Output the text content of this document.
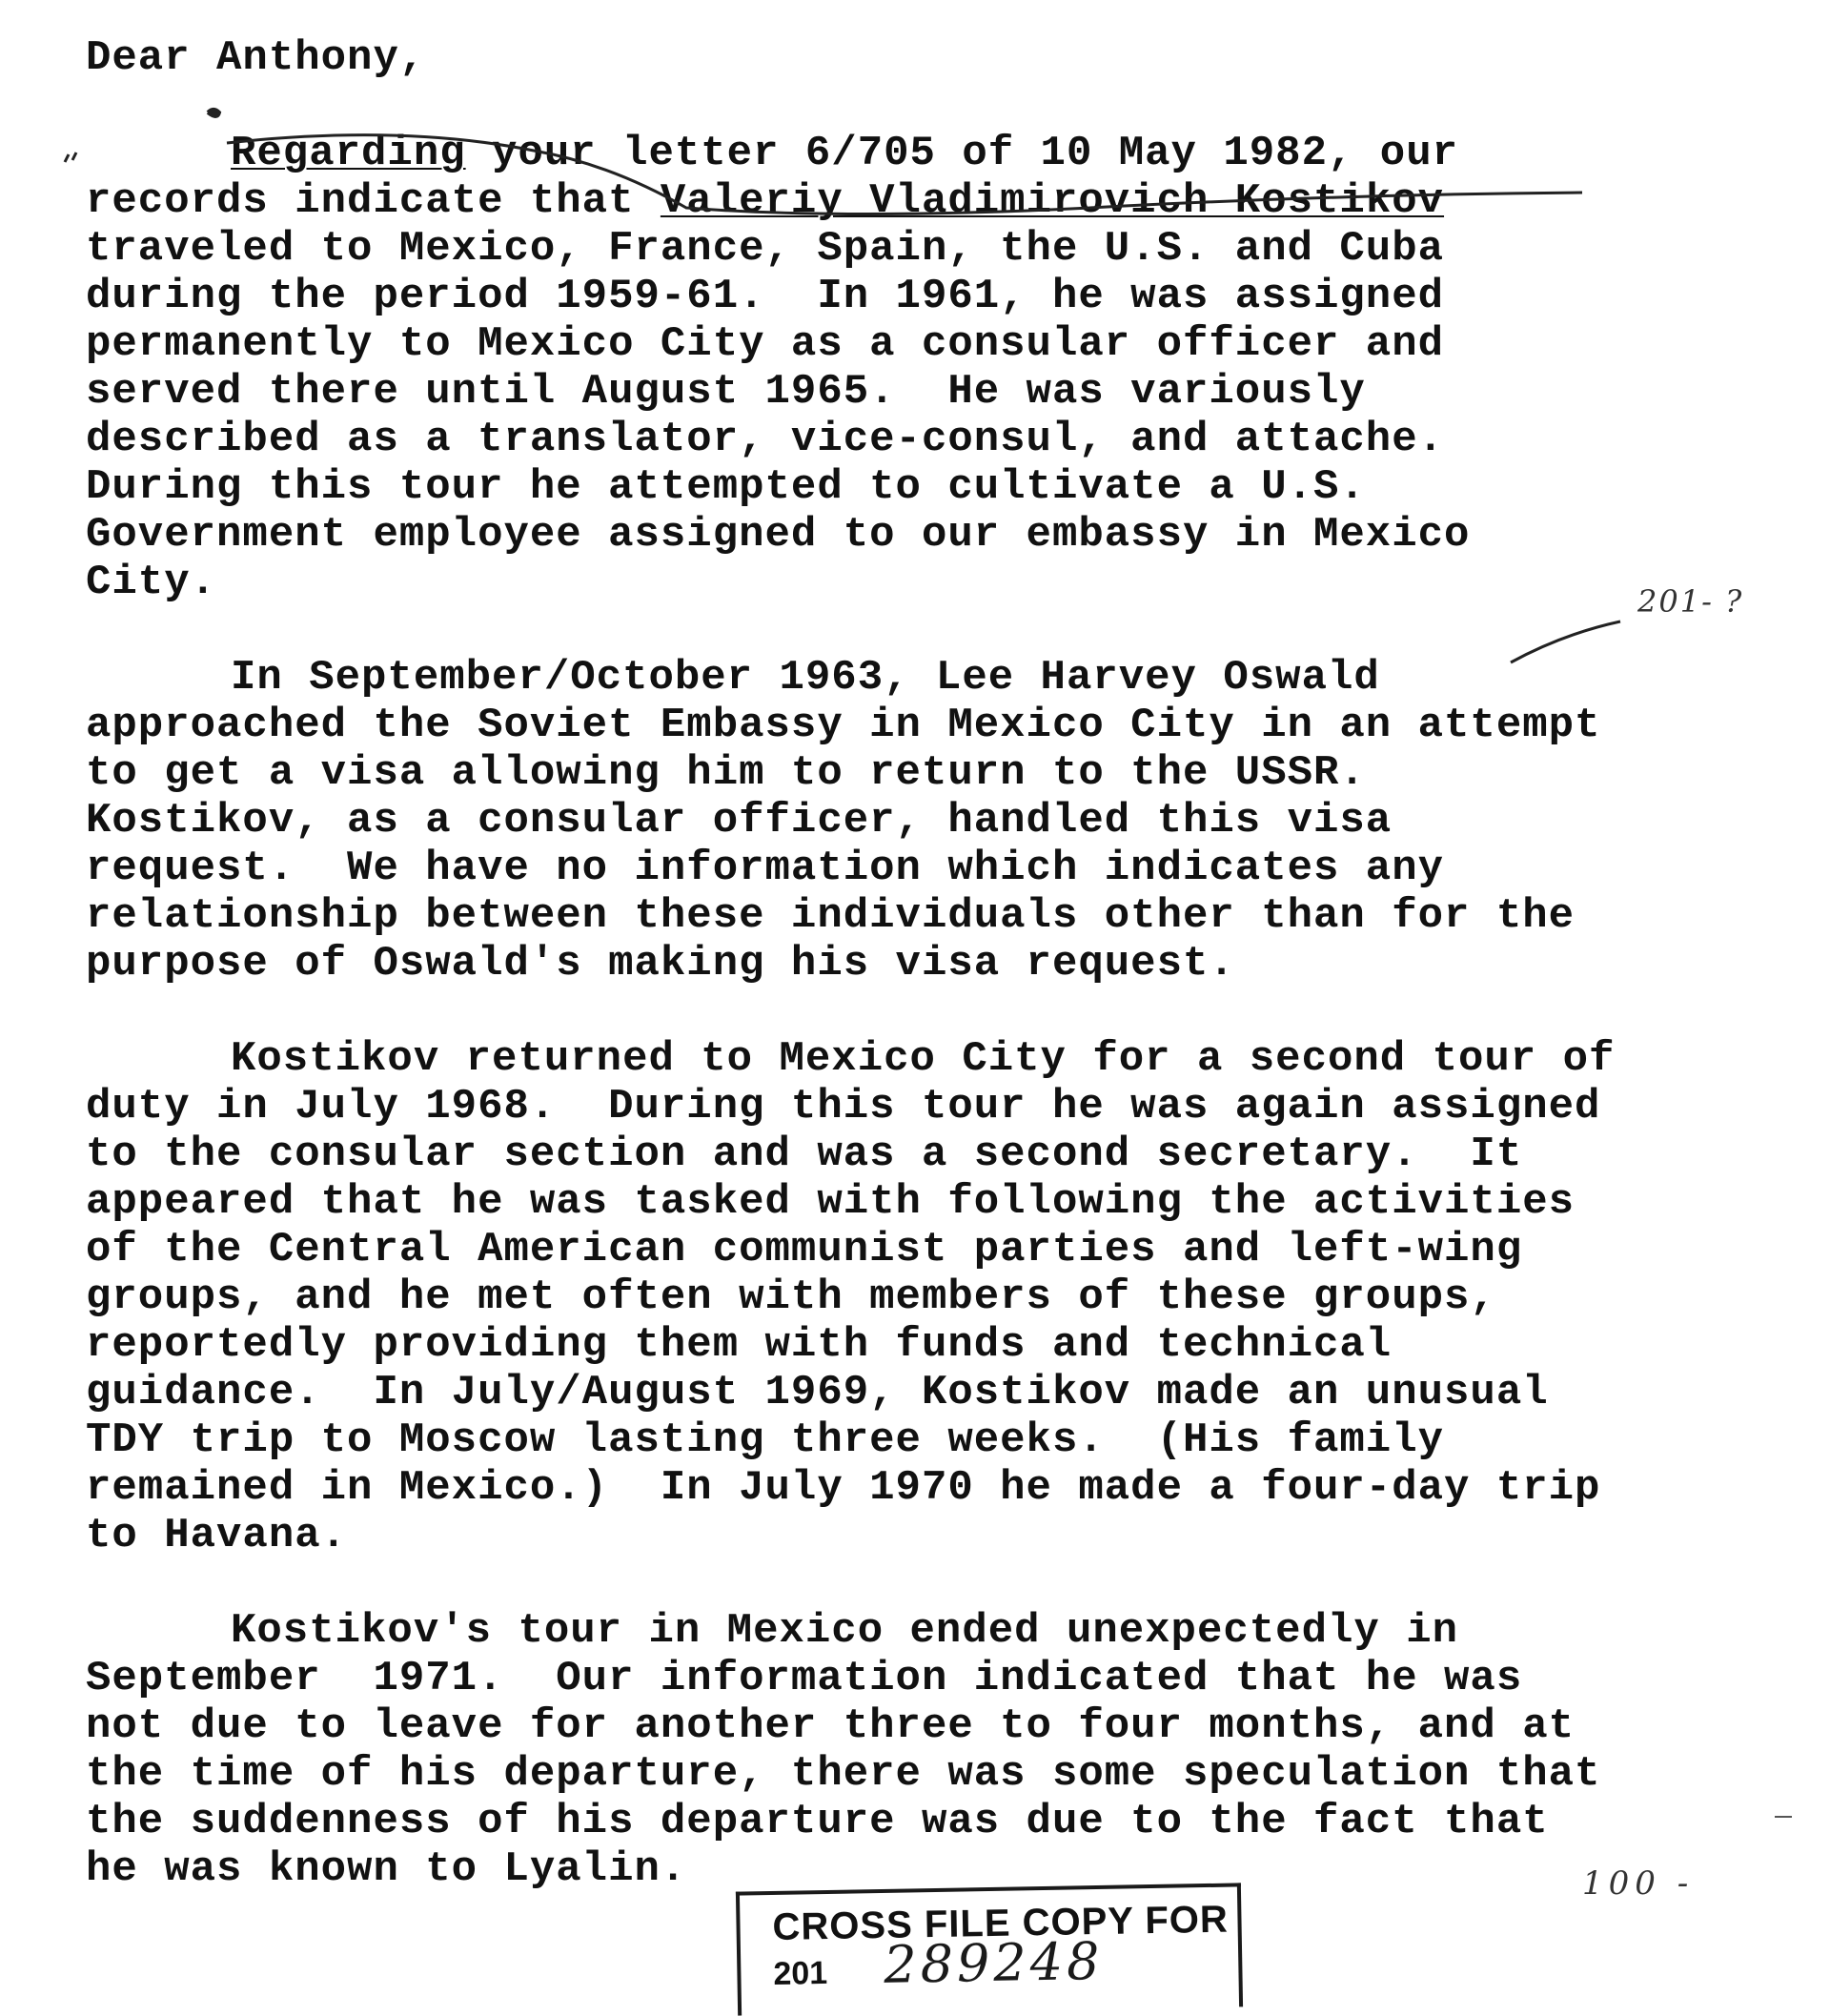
Dear Anthony,
Regarding your letter 6/705 of 10 May 1982, our
records indicate that Valeriy Vladimirovich Kostikov
traveled to Mexico, France, Spain, the U.S. and Cuba
during the period 1959-61.  In 1961, he was assigned
permanently to Mexico City as a consular officer and
served there until August 1965.  He was variously
described as a translator, vice-consul, and attache.
During this tour he attempted to cultivate a U.S.
Government employee assigned to our embassy in Mexico
City.
In September/October 1963, Lee Harvey Oswald
approached the Soviet Embassy in Mexico City in an attempt
to get a visa allowing him to return to the USSR.
Kostikov, as a consular officer, handled this visa
request.  We have no information which indicates any
relationship between these individuals other than for the
purpose of Oswald's making his visa request.
Kostikov returned to Mexico City for a second tour of
duty in July 1968.  During this tour he was again assigned
to the consular section and was a second secretary.  It
appeared that he was tasked with following the activities
of the Central American communist parties and left-wing
groups, and he met often with members of these groups,
reportedly providing them with funds and technical
guidance.  In July/August 1969, Kostikov made an unusual
TDY trip to Moscow lasting three weeks.  (His family
remained in Mexico.)  In July 1970 he made a four-day trip
to Havana.
Kostikov's tour in Mexico ended unexpectedly in
September  1971.  Our information indicated that he was
not due to leave for another three to four months, and at
the time of his departure, there was some speculation that
the suddenness of his departure was due to the fact that
he was known to Lyalin.
201- ?
100 -
CROSS FILE COPY FOR
201 289248
